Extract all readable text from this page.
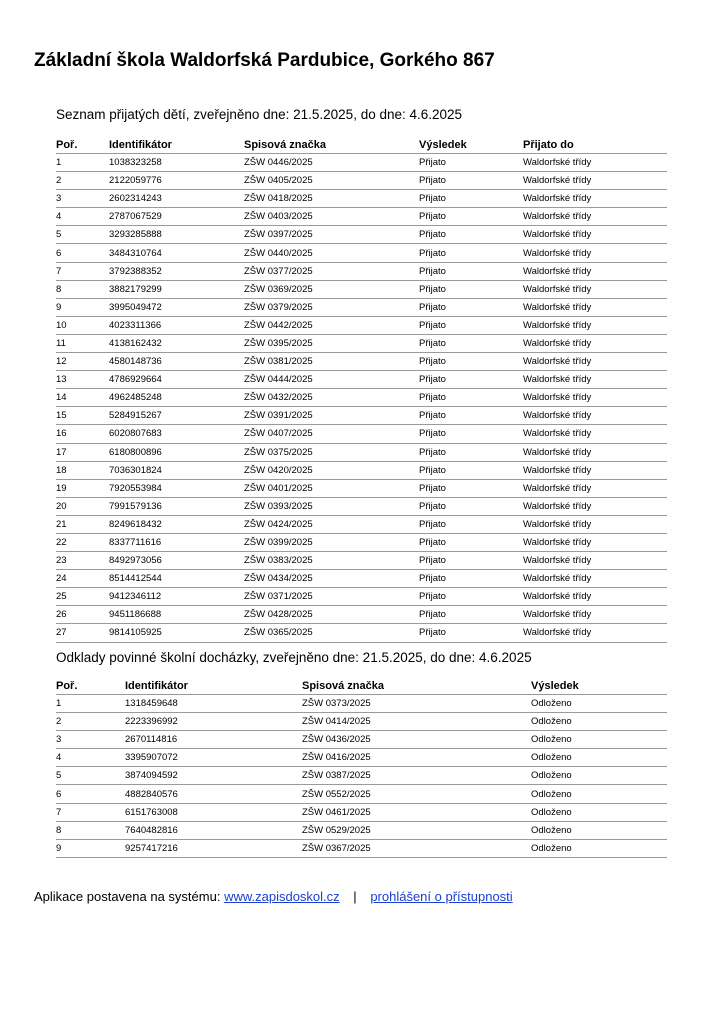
Základní škola Waldorfská Pardubice, Gorkého 867

Seznam přijatých dětí, zveřejněno dne: 21.5.2025, do dne: 4.6.2025

Poř.	Identifikátor	Spisová značka	Výsledek	Přijato do
1	1038323258	ZŠW 0446/2025	Přijato	Waldorfské třídy
2	2122059776	ZŠW 0405/2025	Přijato	Waldorfské třídy
3	2602314243	ZŠW 0418/2025	Přijato	Waldorfské třídy
4	2787067529	ZŠW 0403/2025	Přijato	Waldorfské třídy
5	3293285888	ZŠW 0397/2025	Přijato	Waldorfské třídy
6	3484310764	ZŠW 0440/2025	Přijato	Waldorfské třídy
7	3792388352	ZŠW 0377/2025	Přijato	Waldorfské třídy
8	3882179299	ZŠW 0369/2025	Přijato	Waldorfské třídy
9	3995049472	ZŠW 0379/2025	Přijato	Waldorfské třídy
10	4023311366	ZŠW 0442/2025	Přijato	Waldorfské třídy
11	4138162432	ZŠW 0395/2025	Přijato	Waldorfské třídy
12	4580148736	ZŠW 0381/2025	Přijato	Waldorfské třídy
13	4786929664	ZŠW 0444/2025	Přijato	Waldorfské třídy
14	4962485248	ZŠW 0432/2025	Přijato	Waldorfské třídy
15	5284915267	ZŠW 0391/2025	Přijato	Waldorfské třídy
16	6020807683	ZŠW 0407/2025	Přijato	Waldorfské třídy
17	6180800896	ZŠW 0375/2025	Přijato	Waldorfské třídy
18	7036301824	ZŠW 0420/2025	Přijato	Waldorfské třídy
19	7920553984	ZŠW 0401/2025	Přijato	Waldorfské třídy
20	7991579136	ZŠW 0393/2025	Přijato	Waldorfské třídy
21	8249618432	ZŠW 0424/2025	Přijato	Waldorfské třídy
22	8337711616	ZŠW 0399/2025	Přijato	Waldorfské třídy
23	8492973056	ZŠW 0383/2025	Přijato	Waldorfské třídy
24	8514412544	ZŠW 0434/2025	Přijato	Waldorfské třídy
25	9412346112	ZŠW 0371/2025	Přijato	Waldorfské třídy
26	9451186688	ZŠW 0428/2025	Přijato	Waldorfské třídy
27	9814105925	ZŠW 0365/2025	Přijato	Waldorfské třídy

Odklady povinné školní docházky, zveřejněno dne: 21.5.2025, do dne: 4.6.2025

Poř.	Identifikátor	Spisová značka	Výsledek
1	1318459648	ZŠW 0373/2025	Odloženo
2	2223396992	ZŠW 0414/2025	Odloženo
3	2670114816	ZŠW 0436/2025	Odloženo
4	3395907072	ZŠW 0416/2025	Odloženo
5	3874094592	ZŠW 0387/2025	Odloženo
6	4882840576	ZŠW 0552/2025	Odloženo
7	6151763008	ZŠW 0461/2025	Odloženo
8	7640482816	ZŠW 0529/2025	Odloženo
9	9257417216	ZŠW 0367/2025	Odloženo
Aplikace postavena na systému: www.zapisdoskol.cz | prohlášení o přístupnosti
